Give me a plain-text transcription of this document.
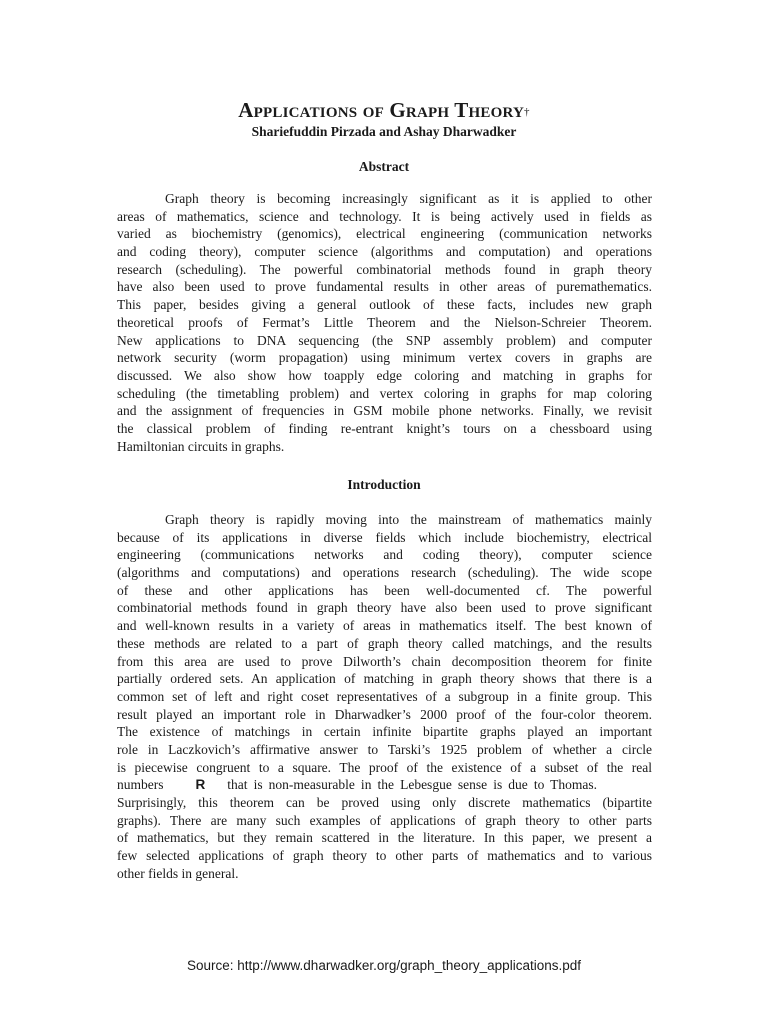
Applications of Graph Theory†
Shariefuddin Pirzada and Ashay Dharwadker
Abstract
Graph theory is becoming increasingly significant as it is applied to other
areas of mathematics, science and technology. It is being actively used in fields as
varied as biochemistry (genomics), electrical engineering (communication networks
and coding theory), computer science (algorithms and computation) and operations
research (scheduling). The powerful combinatorial methods found in graph theory
have also been used to prove fundamental results in other areas of puremathematics.
This paper, besides giving a general outlook of these facts, includes new graph
theoretical proofs of Fermat’s Little Theorem and the Nielson-Schreier Theorem.
New applications to DNA sequencing (the SNP assembly problem) and computer
network security (worm propagation) using minimum vertex covers in graphs are
discussed. We also show how toapply edge coloring and matching in graphs for
scheduling (the timetabling problem) and vertex coloring in graphs for map coloring
and the assignment of frequencies in GSM mobile phone networks. Finally, we revisit
the classical problem of finding re-entrant knight’s tours on a chessboard using
Hamiltonian circuits in graphs.
Introduction
Graph theory is rapidly moving into the mainstream of mathematics mainly
because of its applications in diverse fields which include biochemistry, electrical
engineering (communications networks and coding theory), computer science
(algorithms and computations) and operations research (scheduling). The wide scope
of these and other applications has been well-documented cf. The powerful
combinatorial methods found in graph theory have also been used to prove significant
and well-known results in a variety of areas in mathematics itself. The best known of
these methods are related to a part of graph theory called matchings, and the results
from this area are used to prove Dilworth’s chain decomposition theorem for finite
partially ordered sets. An application of matching in graph theory shows that there is a
common set of left and right coset representatives of a subgroup in a finite group. This
result played an important role in Dharwadker’s 2000 proof of the four-color theorem.
The existence of matchings in certain infinite bipartite graphs played an important
role in Laczkovich’s affirmative answer to Tarski’s 1925 problem of whether a circle
is piecewise congruent to a square. The proof of the existence of a subset of the real
numbers R that is non-measurable in the Lebesgue sense is due to Thomas.
Surprisingly, this theorem can be proved using only discrete mathematics (bipartite
graphs). There are many such examples of applications of graph theory to other parts
of mathematics, but they remain scattered in the literature. In this paper, we present a
few selected applications of graph theory to other parts of mathematics and to various
other fields in general.
Source: http://www.dharwadker.org/graph_theory_applications.pdf
